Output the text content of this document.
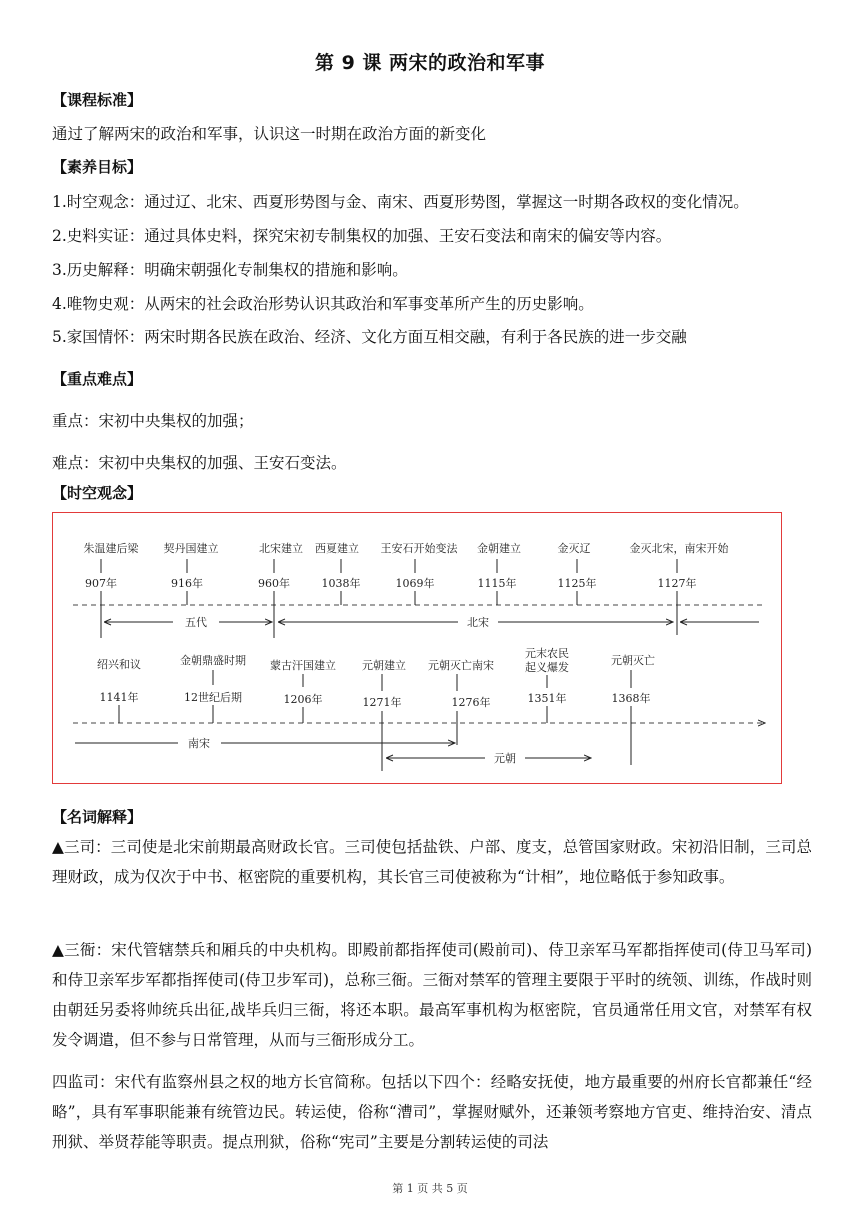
第 9 课 两宋的政治和军事
【课程标准】
通过了解两宋的政治和军事，认识这一时期在政治方面的新变化
【素养目标】
1.时空观念：通过辽、北宋、西夏形势图与金、南宋、西夏形势图，掌握这一时期各政权的变化情况。
2.史料实证：通过具体史料，探究宋初专制集权的加强、王安石变法和南宋的偏安等内容。
3.历史解释：明确宋朝强化专制集权的措施和影响。
4.唯物史观：从两宋的社会政治形势认识其政治和军事变革所产生的历史影响。
5.家国情怀：两宋时期各民族在政治、经济、文化方面互相交融，有利于各民族的进一步交融
【重点难点】
重点：宋初中央集权的加强；
难点：宋初中央集权的加强、王安石变法。
【时空观念】
朱温建后梁
907年
契丹国建立
916年
北宋建立
960年
西夏建立
1038年
王安石开始变法
1069年
金朝建立
1115年
金灭辽
1125年
金灭北宋，南宋开始
1127年
五代	北宋
绍兴和议
1141年
金朝鼎盛时期
12世纪后期
蒙古汗国建立
1206年
元朝建立
1271年
元朝灭亡南宋
1276年
元末农民
起义爆发
1351年
元朝灭亡
1368年
南宋
元朝
【名词解释】
▲三司：三司使是北宋前期最高财政长官。三司使包括盐铁、户部、度支，总管国家财政。宋初沿旧制，三司总理财政，成为仅次于中书、枢密院的重要机构，其长官三司使被称为“计相”，地位略低于参知政事。
▲三衙：宋代管辖禁兵和厢兵的中央机构。即殿前都指挥使司(殿前司)、侍卫亲军马军都指挥使司(侍卫马军司)和侍卫亲军步军都指挥使司(侍卫步军司)，总称三衙。三衙对禁军的管理主要限于平时的统领、训练，作战时则由朝廷另委将帅统兵出征,战毕兵归三衙，将还本职。最高军事机构为枢密院，官员通常任用文官，对禁军有权发令调遣，但不参与日常管理，从而与三衙形成分工。
四监司：宋代有监察州县之权的地方长官简称。包括以下四个：经略安抚使，地方最重要的州府长官都兼任“经略”，具有军事职能兼有统管边民。转运使，俗称“漕司”，掌握财赋外，还兼领考察地方官吏、维持治安、清点刑狱、举贤荐能等职责。提点刑狱，俗称“宪司”主要是分割转运使的司法
第 1 页 共 5 页
